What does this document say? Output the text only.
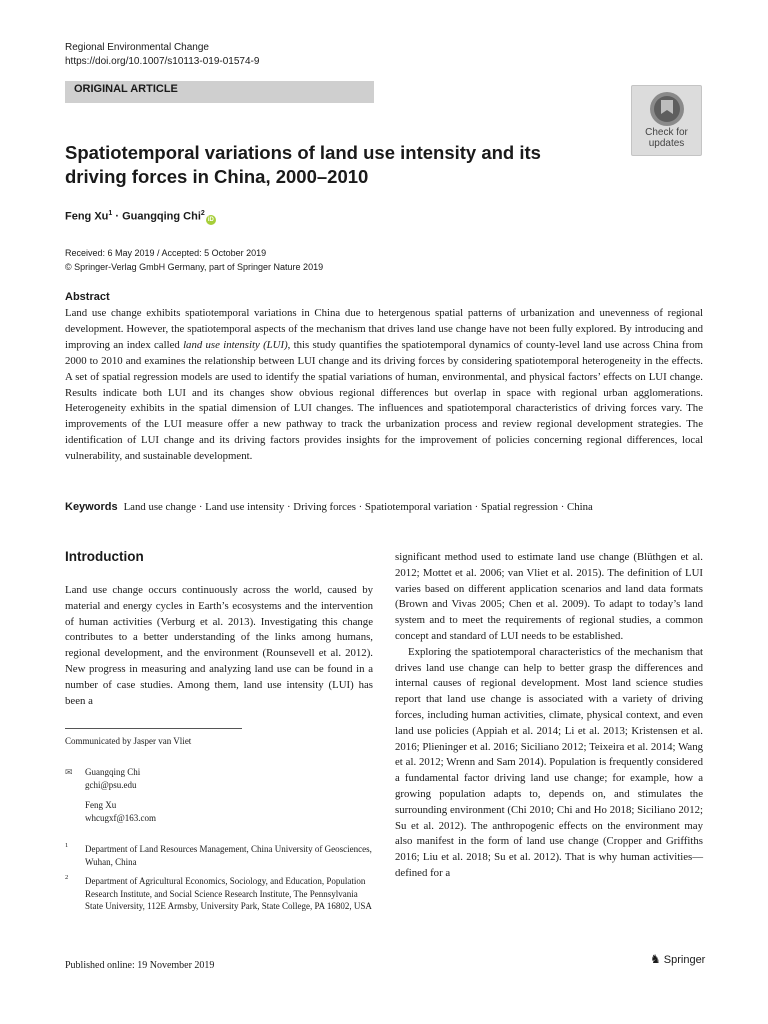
Regional Environmental Change
https://doi.org/10.1007/s10113-019-01574-9
ORIGINAL ARTICLE
Check for
updates
Spatiotemporal variations of land use intensity and its driving forces in China, 2000–2010
Feng $Xu^1$ · Guangqing Chi$^2$iD
Received: 6 May 2019 / Accepted: 5 October 2019
© Springer-Verlag GmbH Germany, part of Springer Nature 2019
Abstract

Land use change exhibits spatiotemporal variations in China due to hetergenous spatial patterns of urbanization and unevenness of regional development. However, the spatiotemporal aspects of the mechanism that drives land use change have not been fully explored. By introducing and improving an index called land use intensity (LUI), this study quantifies the spatiotemporal dynamics of county-level land use across China from 2000 to 2010 and examines the relationship between LUI change and its driving forces by considering spatiotemporal heterogeneity in the effects. A set of spatial regression models are used to identify the spatial variations of human, environmental, and physical factors’ effects on LUI change. Results indicate both LUI and its changes show obvious regional differences but overlap in space with regional urban agglomerations. Heterogeneity exhibits in the spatial dimension of LUI changes. The influences and spatiotemporal characteristics of driving forces vary. The improvements of the LUI measure offer a new pathway to track the urbanization process and review regional development strategies. The identification of LUI change and its driving factors provides insights for the improvement of policies concerning regional differences, local vulnerability, and sustainable development.

Keywords Land use change · Land use intensity · Driving forces · Spatiotemporal variation · Spatial regression · China
Introduction

Land use change occurs continuously across the world, caused by material and energy cycles in Earth’s ecosystems and the intervention of human activities (Verburg et al. 2013). Investigating this change contributes to a better understanding of the links among humans, regional development, and the environment (Rounsevell et al. 2012). New progress in measuring and analyzing land use can be found in a number of case studies. Among them, land use intensity (LUI) has been a

Communicated by Jasper van Vliet
✉ Guangqing Chi
gchi@psu.edu
Feng Xu
whcugxf@163.com
1 Department of Land Resources Management, China University of Geosciences, Wuhan, China
2 Department of Agricultural Economics, Sociology, and Education, Population Research Institute, and Social Science Research Institute, The Pennsylvania State University, 112E Armsby, University Park, State College, PA 16802, USA

significant method used to estimate land use change (Blüthgen et al. 2012; Mottet et al. 2006; van Vliet et al. 2015). The definition of LUI varies based on different application scenarios and land data formats (Brown and Vivas 2005; Chen et al. 2009). To adapt to today’s land system and to meet the requirements of regional studies, a common concept and standard of LUI needs to be established.

Exploring the spatiotemporal characteristics of the mechanism that drives land use change can help to better grasp the differences and internal causes of regional development. Most land science studies report that land use change is associated with a variety of driving forces, including human activities, climate, physical context, and even land use policies (Appiah et al. 2014; Li et al. 2013; Kristensen et al. 2016; Plieninger et al. 2016; Siciliano 2012; Teixeira et al. 2014; Wang et al. 2012; Wrenn and Sam 2014). Population is frequently considered a fundamental factor driving land use change; for example, how a growing population adapts to, depends on, and stimulates the surrounding environment (Chi 2010; Chi and Ho 2018; Siciliano 2012; Su et al. 2012). The anthropogenic effects on the environment may also manifest in the form of land use change (Cropper and Griffiths 2016; Liu et al. 2018; Su et al. 2012). That is why human activities—defined for a

Published online: 19 November 2019	♞ Springer
